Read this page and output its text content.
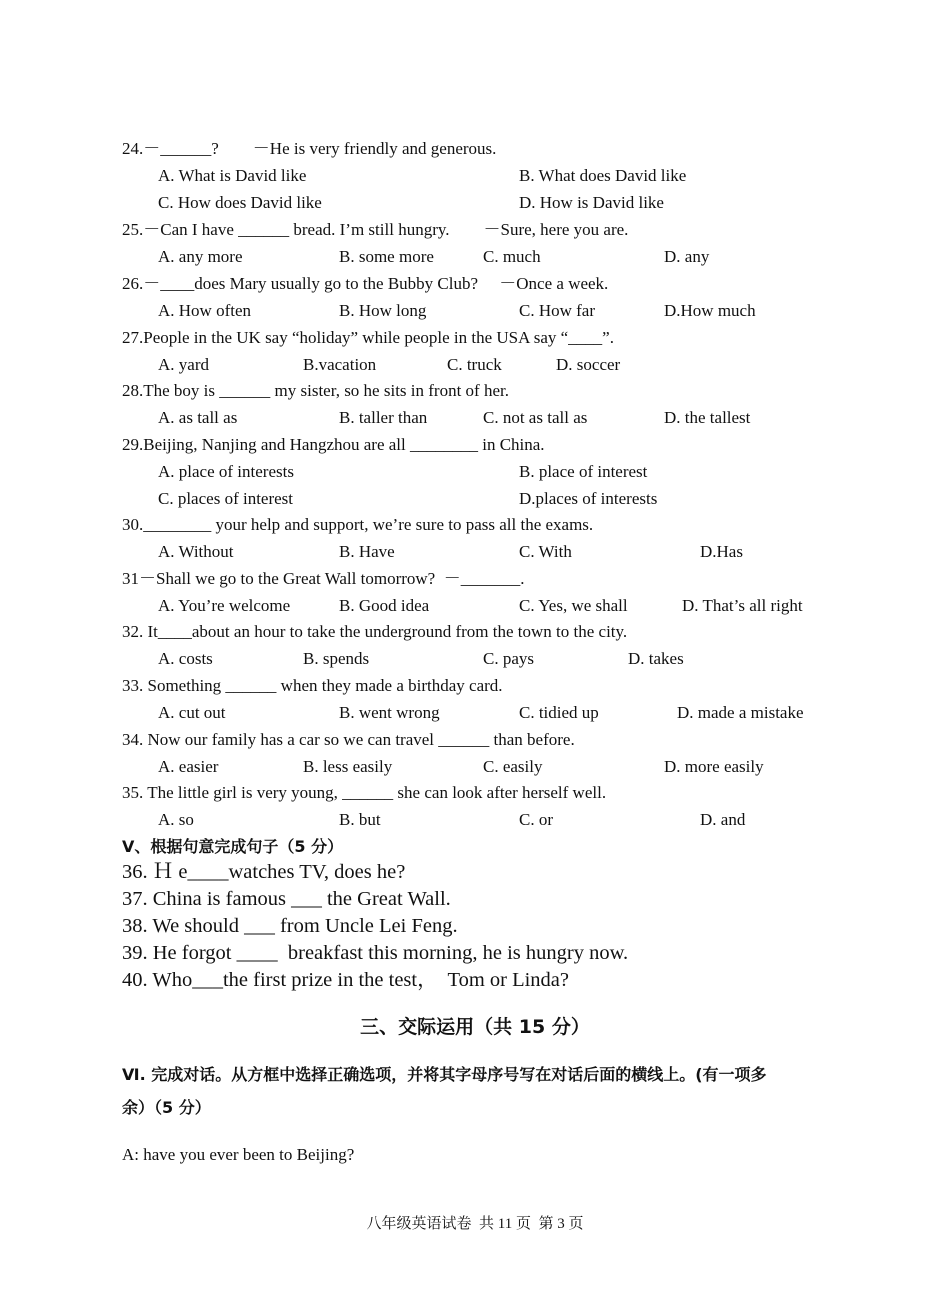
24.－______?        －He is very friendly and generous.
A. What is David like	B. What does David like
C. How does David like	D. How is David like
25.－Can I have ______ bread. I’m still hungry.        －Sure, here you are.
A. any more	B. some more	C. much	D. any
26.－____does Mary usually go to the Bubby Club?     －Once a week.
A. How often	B. How long	C. How far	D.How much
27.People in the UK say “holiday” while people in the USA say “____”.
A. yard	B.vacation	C. truck	D. soccer
28.The boy is ______ my sister, so he sits in front of her.
A. as tall as	B. taller than	C. not as tall as	D. the tallest
29.Beijing, Nanjing and Hangzhou are all ________ in China.
A. place of interests	B. place of interest
C. places of interest	D.places of interests
30.________ your help and support, we’re sure to pass all the exams.
A. Without	B. Have	C. With	D.Has
31－Shall we go to the Great Wall tomorrow?  －_______.
A. You’re welcome	B. Good idea	C. Yes, we shall	D. That’s all right
32. It____about an hour to take the underground from the town to the city.
A. costs	B. spends	C. pays	D. takes
33. Something ______ when they made a birthday card.
A. cut out	B. went wrong	C. tidied up	D. made a mistake
34. Now our family has a car so we can travel ______ than before.
A. easier	B. less easily	C. easily	D. more easily
35. The little girl is very young, ______ she can look after herself well.
A. so	B. but	C. or	D. and
Ⅴ、根据句意完成句子（5 分）
36. Ｈ e____watches TV, does he?
37. China is famous ___ the Great Wall.
38. We should ___ from Uncle Lei Feng.
39. He forgot ____  breakfast this morning, he is hungry now.
40. Who___the first prize in the test，  Tom or Linda?
三、交际运用（共 15 分）
Ⅵ. 完成对话。从方框中选择正确选项，并将其字母序号写在对话后面的横线上。(有一项多
余）（5 分）
A: have you ever been to Beijing?
八年级英语试卷  共 11 页  第 3 页
